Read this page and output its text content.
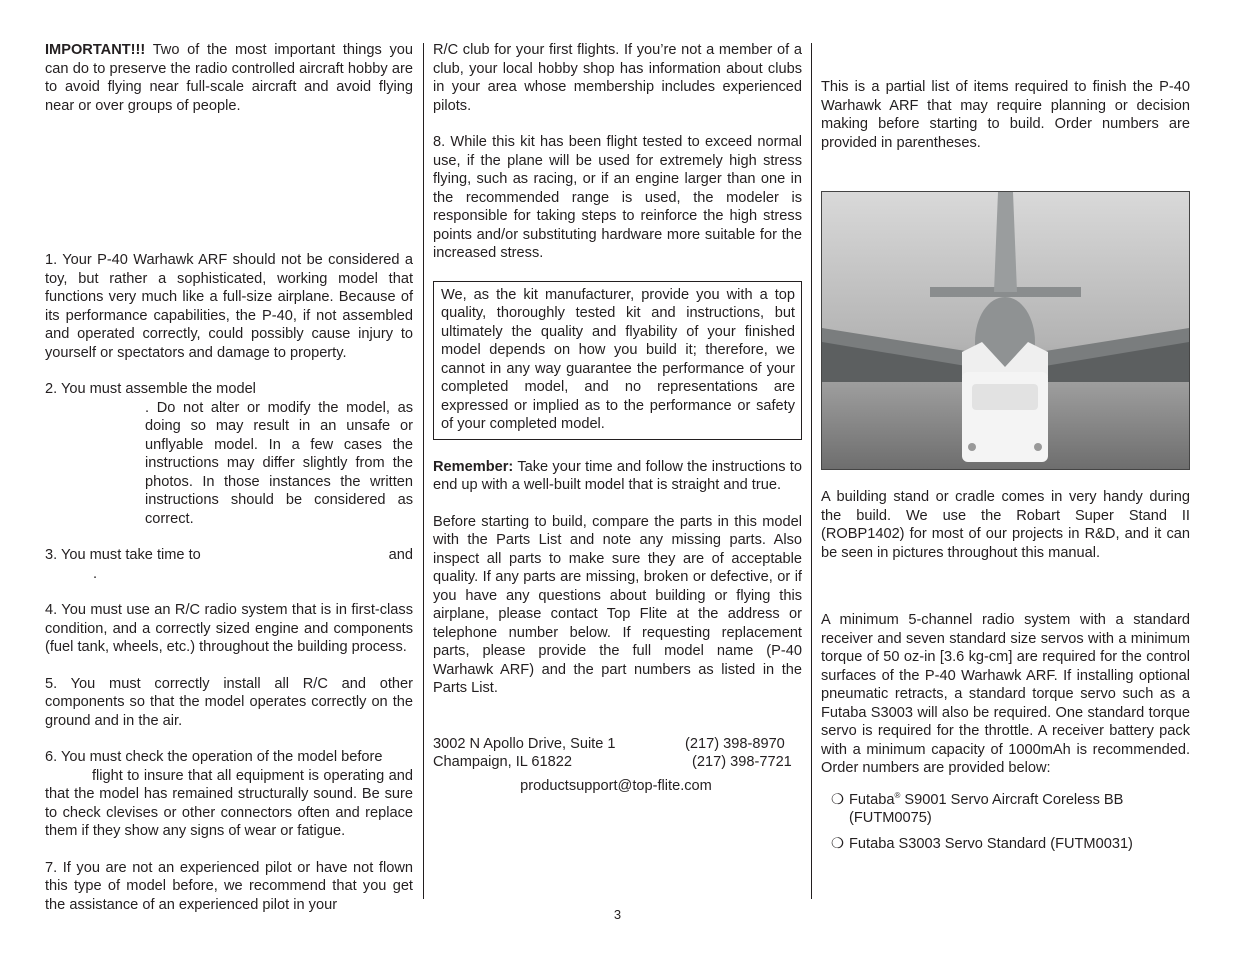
IMPORTANT!!! Two of the most important things you can do to preserve the radio controlled aircraft hobby are to avoid flying near full-scale aircraft and avoid flying near or over groups of people.

1. Your P-40 Warhawk ARF should not be considered a toy, but rather a sophisticated, working model that functions very much like a full-size airplane. Because of its performance capabilities, the P-40, if not assembled and operated correctly, could possibly cause injury to yourself or spectators and damage to property.

2. You must assemble the model

. Do not alter or modify the model, as doing so may result in an unsafe or unflyable model. In a few cases the instructions may differ slightly from the photos. In those instances the written instructions should be considered as correct.

3. You must take time to	and

.

4. You must use an R/C radio system that is in first-class condition, and a correctly sized engine and components (fuel tank, wheels, etc.) throughout the building process.

5. You must correctly install all R/C and other components so that the model operates correctly on the ground and in the air.

6. You must check the operation of the model before

flight to insure that all equipment is operating and that the model has remained structurally sound. Be sure to check clevises or other connectors often and replace them if they show any signs of wear or fatigue.

7. If you are not an experienced pilot or have not flown this type of model before, we recommend that you get the assistance of an experienced pilot in your

R/C club for your first flights. If you’re not a member of a club, your local hobby shop has information about clubs in your area whose membership includes experienced pilots.

8. While this kit has been flight tested to exceed normal use, if the plane will be used for extremely high stress flying, such as racing, or if an engine larger than one in the recommended range is used, the modeler is responsible for taking steps to reinforce the high stress points and/or substituting hardware more suitable for the increased stress.

We, as the kit manufacturer, provide you with a top quality, thoroughly tested kit and instructions, but ultimately the quality and flyability of your finished model depends on how you build it; therefore, we cannot in any way guarantee the performance of your completed model, and no representations are expressed or implied as to the performance or safety of your completed model.

Remember: Take your time and follow the instructions to end up with a well-built model that is straight and true.

Before starting to build, compare the parts in this model with the Parts List and note any missing parts. Also inspect all parts to make sure they are of acceptable quality. If any parts are missing, broken or defective, or if you have any questions about building or flying this airplane, please contact Top Flite at the address or telephone number below. If requesting replacement parts, please provide the full model name (P-40 Warhawk ARF) and the part numbers as listed in the Parts List.

3002 N Apollo Drive, Suite 1
Champaign, IL 61822
(217) 398-8970
(217) 398-7721

productsupport@top-flite.com

This is a partial list of items required to finish the P-40 Warhawk ARF that may require planning or decision making before starting to build. Order numbers are provided in parentheses.

A building stand or cradle comes in very handy during the build. We use the Robart Super Stand II (ROBP1402) for most of our projects in R&D, and it can be seen in pictures throughout this manual.

A minimum 5-channel radio system with a standard receiver and seven standard size servos with a minimum torque of 50 oz-in [3.6 kg-cm] are required for the control surfaces of the P-40 Warhawk ARF. If installing optional pneumatic retracts, a standard torque servo such as a Futaba S3003 will also be required. One standard torque servo is required for the throttle. A receiver battery pack with a minimum capacity of 1000mAh is recommended. Order numbers are provided below:

❍ Futaba® S9001 Servo Aircraft Coreless BB (FUTM0075)
❍ Futaba S3003 Servo Standard (FUTM0031)
3
